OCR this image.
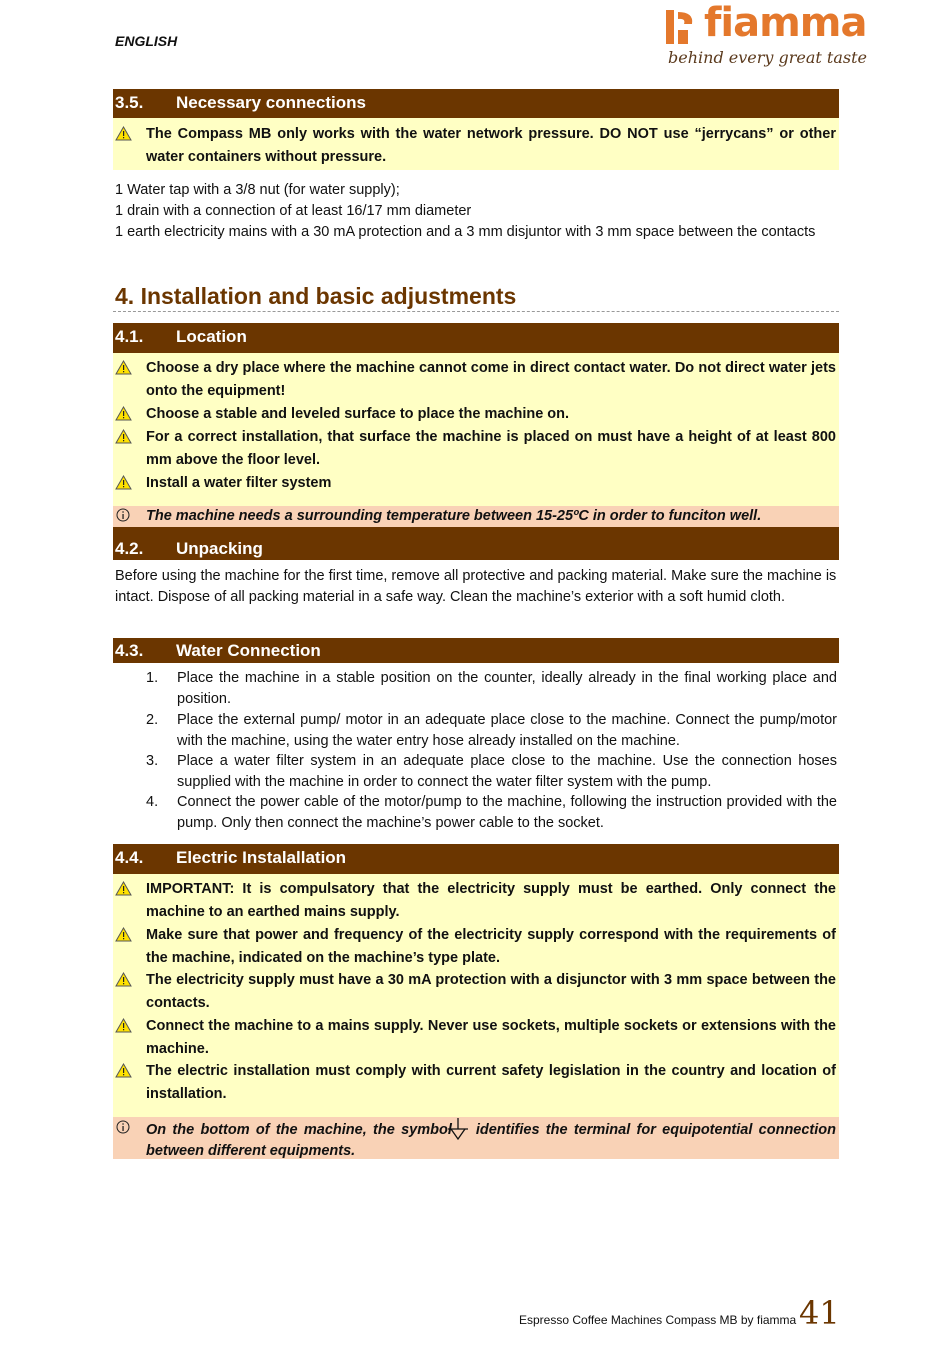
ENGLISH	fiamma
behind every great taste
3.5. Necessary connections
The Compass MB only works with the water network pressure. DO NOT use “jerrycans” or other water containers without pressure.
1 Water tap with a 3/8 nut (for water supply);
1 drain with a connection of at least 16/17 mm diameter
1 earth electricity mains with a 30 mA protection and a 3 mm disjuntor with 3 mm space between the contacts
4. Installation and basic adjustments
4.1. Location
Choose a dry place where the machine cannot come in direct contact water. Do not direct water jets onto the equipment!
Choose a stable and leveled surface to place the machine on.
For a correct installation, that surface the machine is placed on must have a height of at least 800 mm above the floor level.
Install a water filter system
The machine needs a surrounding temperature between 15-25ºC in order to funciton well.
4.2. Unpacking
Before using the machine for the first time, remove all protective and packing material. Make sure the machine is intact. Dispose of all packing material in a safe way. Clean the machine’s exterior with a soft humid cloth.
4.3. Water Connection
1. Place the machine in a stable position on the counter, ideally already in the final working place and position.
2. Place the external pump/ motor in an adequate place close to the machine. Connect the pump/motor with the machine, using the water entry hose already installed on the machine.
3. Place a water filter system in an adequate place close to the machine. Use the connection hoses supplied with the machine in order to connect the water filter system with the pump.
4. Connect the power cable of the motor/pump to the machine, following the instruction provided with the pump. Only then connect the machine’s power cable to the socket.
4.4. Electric Instalallation
IMPORTANT: It is compulsatory that the electricity supply must be earthed. Only connect the machine to an earthed mains supply.
Make sure that power and frequency of the electricity supply correspond with the requirements of the machine, indicated on the machine’s type plate.
The electricity supply must have a 30 mA protection with a disjunctor with 3 mm space between the contacts.
Connect the machine to a mains supply. Never use sockets, multiple sockets or extensions with the machine.
The electric installation must comply with current safety legislation in the country and location of installation.
On the bottom of the machine, the symbol identifies the terminal for equipotential connection between different equipments.
Espresso Coffee Machines Compass MB by fiamma 41
